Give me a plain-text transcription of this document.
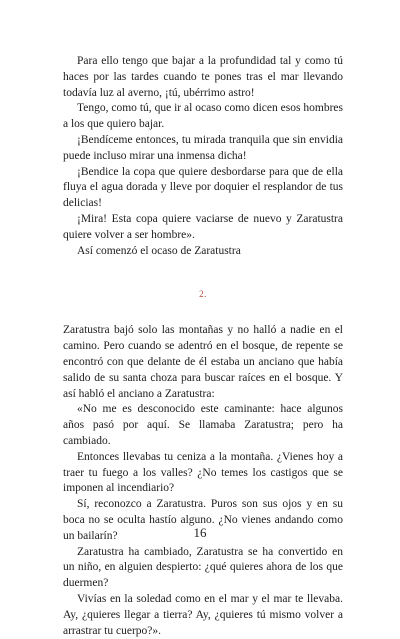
Para ello tengo que bajar a la profundidad tal y como tú haces por las tardes cuando te pones tras el mar llevando todavía luz al averno, ¡tú, ubérrimo astro!

Tengo, como tú, que ir al ocaso como dicen esos hombres a los que quiero bajar.

¡Bendíceme entonces, tu mirada tranquila que sin envidia puede incluso mirar una inmensa dicha!

¡Bendice la copa que quiere desbordarse para que de ella fluya el agua dorada y lleve por doquier el resplandor de tus delicias!

¡Mira! Esta copa quiere vaciarse de nuevo y Zaratustra quiere volver a ser hombre».

Así comenzó el ocaso de Zaratustra

2.

Zaratustra bajó solo las montañas y no halló a nadie en el camino. Pero cuando se adentró en el bosque, de repente se encontró con que delante de él estaba un anciano que había salido de su santa choza para buscar raíces en el bosque. Y así habló el anciano a Zaratustra:

«No me es desconocido este caminante: hace algunos años pasó por aquí. Se llamaba Zaratustra; pero ha cambiado.

Entonces llevabas tu ceniza a la montaña. ¿Vienes hoy a traer tu fuego a los valles? ¿No temes los castigos que se imponen al incendiario?

Sí, reconozco a Zaratustra. Puros son sus ojos y en su boca no se oculta hastío alguno. ¿No vienes andando como un bailarín?

Zaratustra ha cambiado, Zaratustra se ha convertido en un niño, en alguien despierto: ¿qué quieres ahora de los que duermen?

Vivías en la soledad como en el mar y el mar te llevaba. Ay, ¿quieres llegar a tierra? Ay, ¿quieres tú mismo volver a arrastrar tu cuerpo?».

16
